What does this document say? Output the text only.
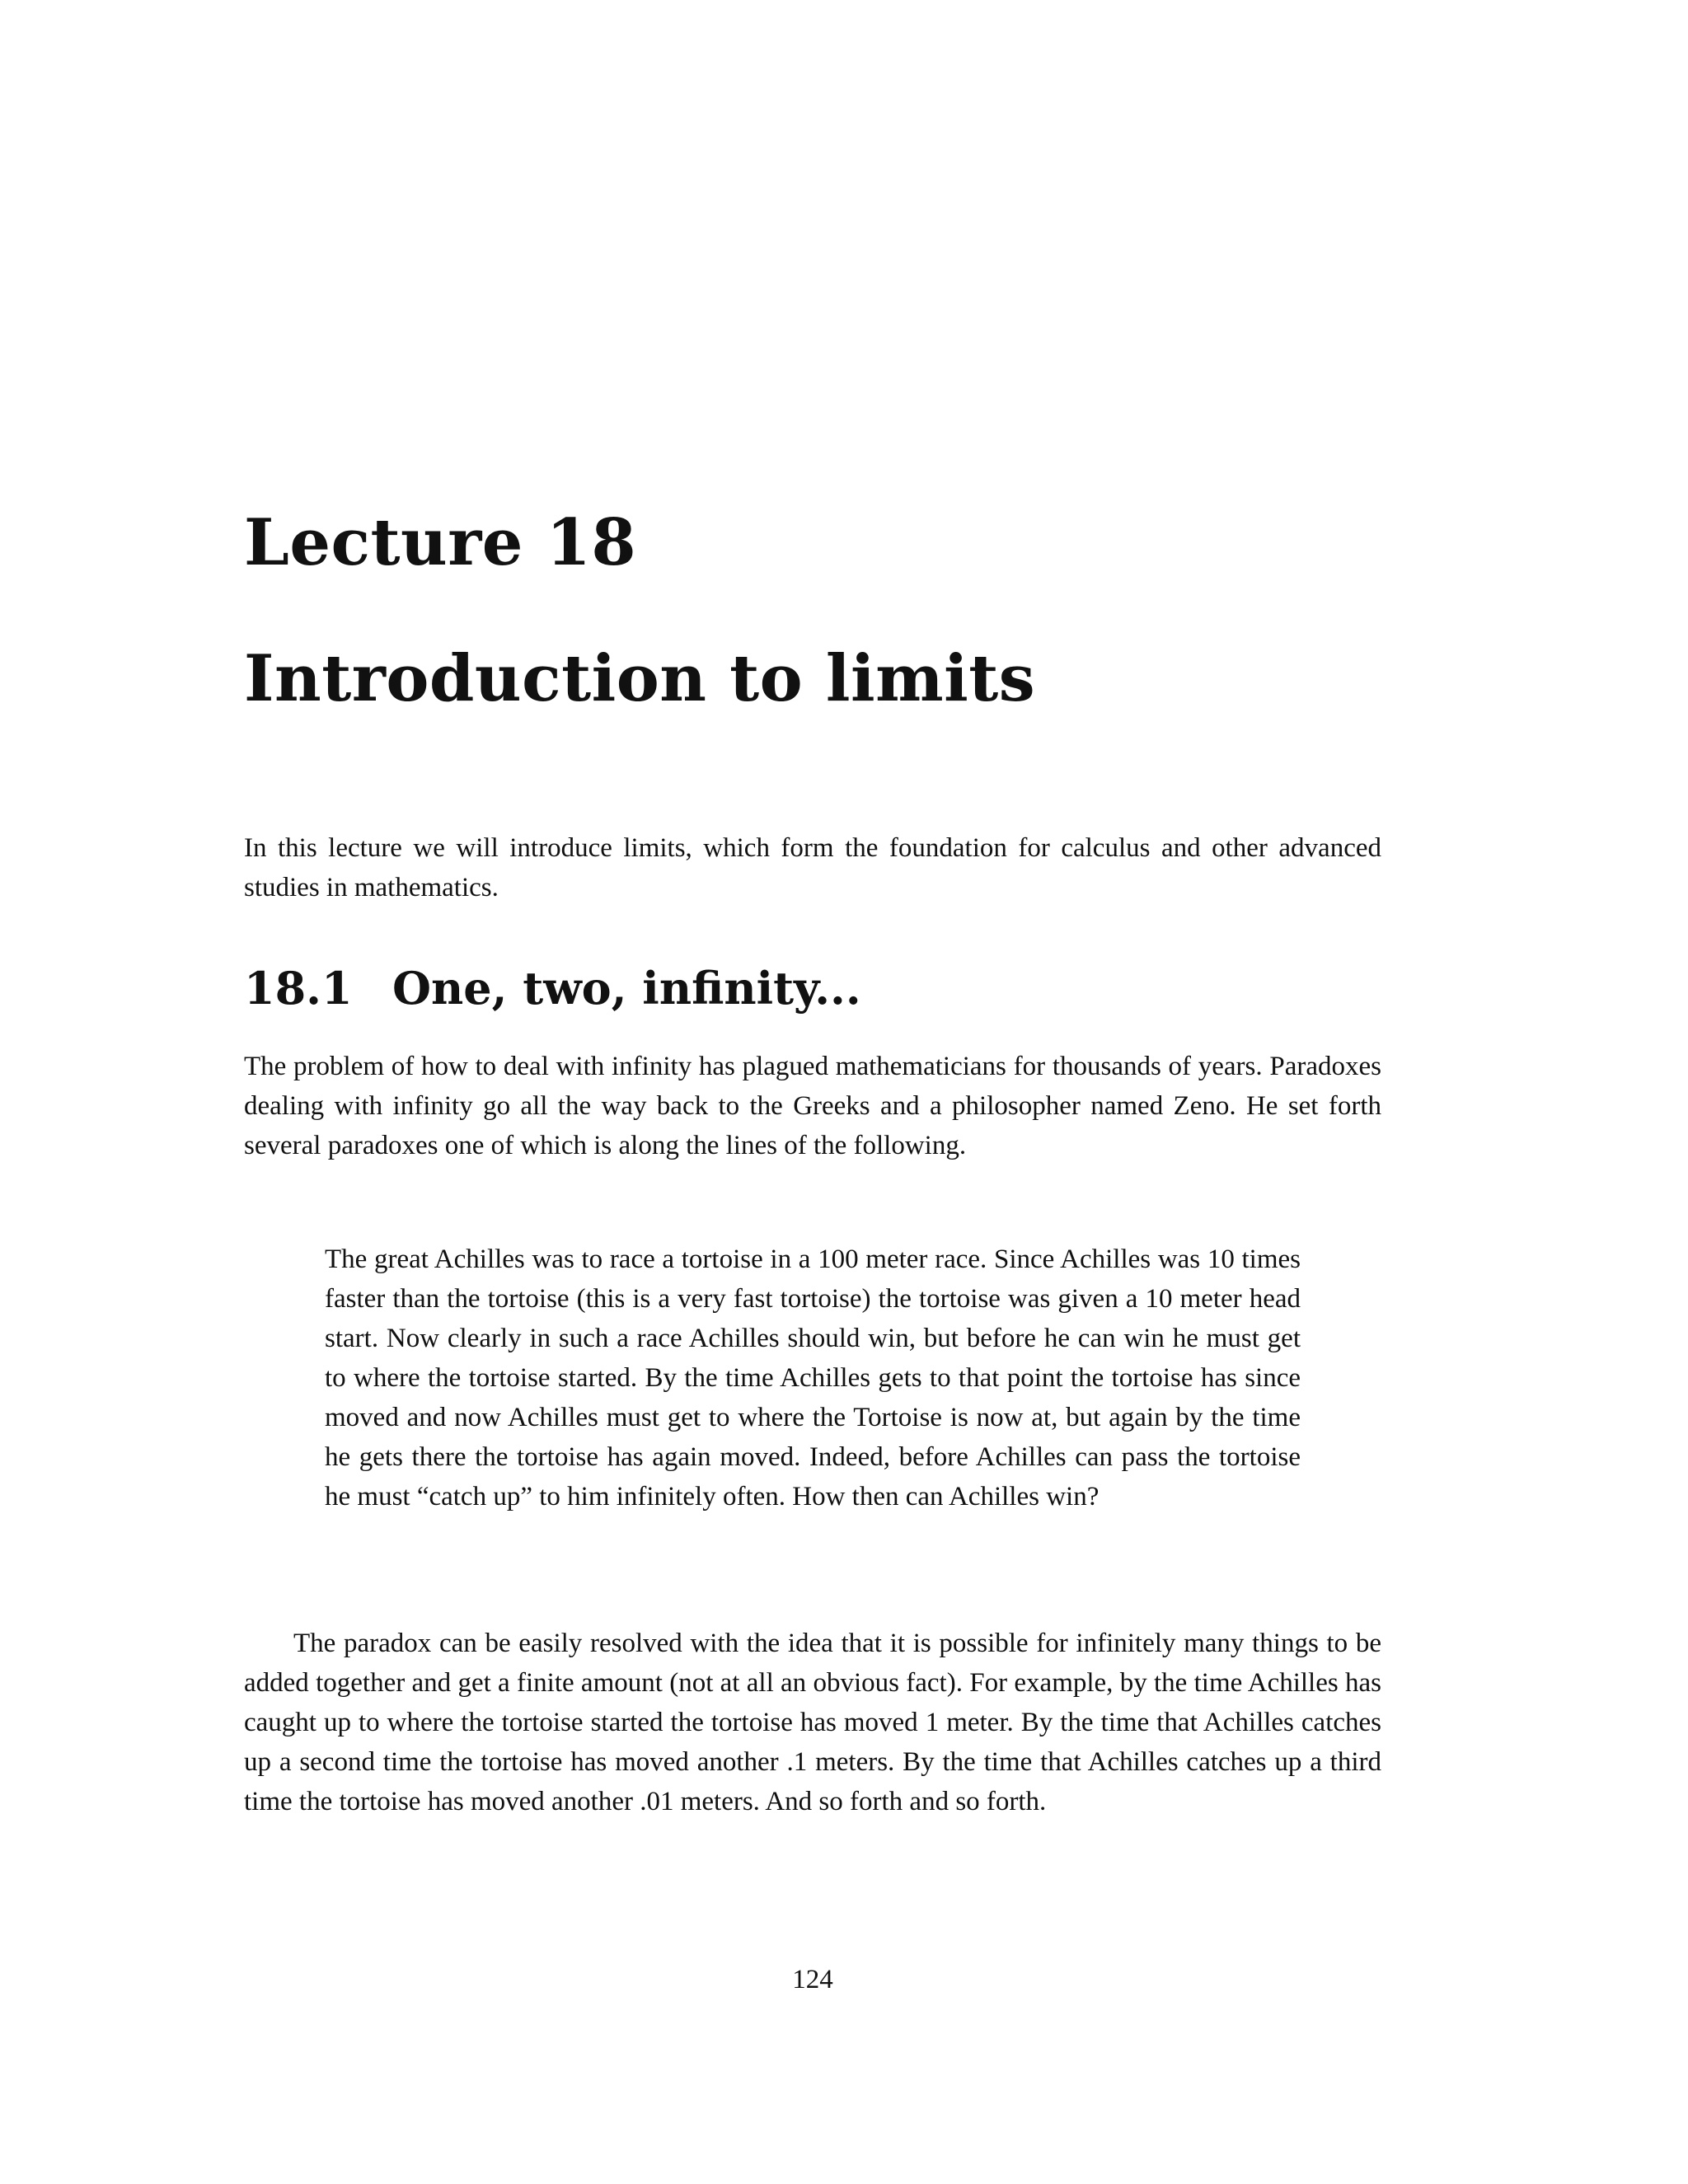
Lecture 18
Introduction to limits

In this lecture we will introduce limits, which form the foundation for calculus and other advanced studies in mathematics.

18.1 One, two, infinity...

The problem of how to deal with infinity has plagued mathematicians for thousands of years. Paradoxes dealing with infinity go all the way back to the Greeks and a philosopher named Zeno. He set forth several paradoxes one of which is along the lines of the following.

The great Achilles was to race a tortoise in a 100 meter race. Since Achilles was 10 times faster than the tortoise (this is a very fast tortoise) the tortoise was given a 10 meter head start. Now clearly in such a race Achilles should win, but before he can win he must get to where the tortoise started. By the time Achilles gets to that point the tortoise has since moved and now Achilles must get to where the Tortoise is now at, but again by the time he gets there the tortoise has again moved. Indeed, before Achilles can pass the tortoise he must “catch up” to him infinitely often. How then can Achilles win?

The paradox can be easily resolved with the idea that it is possible for infinitely many things to be added together and get a finite amount (not at all an obvious fact). For example, by the time Achilles has caught up to where the tortoise started the tortoise has moved 1 meter. By the time that Achilles catches up a second time the tortoise has moved another .1 meters. By the time that Achilles catches up a third time the tortoise has moved another .01 meters. And so forth and so forth.

124
